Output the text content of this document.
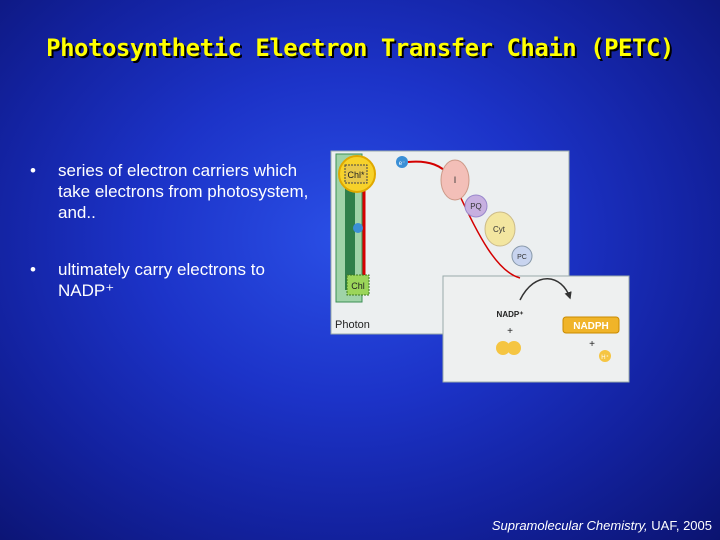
Photosynthetic Electron Transfer Chain (PETC)
•	series of electron carriers which take electrons from photosystem, and..
•	ultimately carry electrons to NADP⁺
Chl*
Chl
e⁻
I
PQ
Cyt
PC
NADP⁺
+	NADPH
+
H⁺
Photon
Supramolecular Chemistry, UAF, 2005
